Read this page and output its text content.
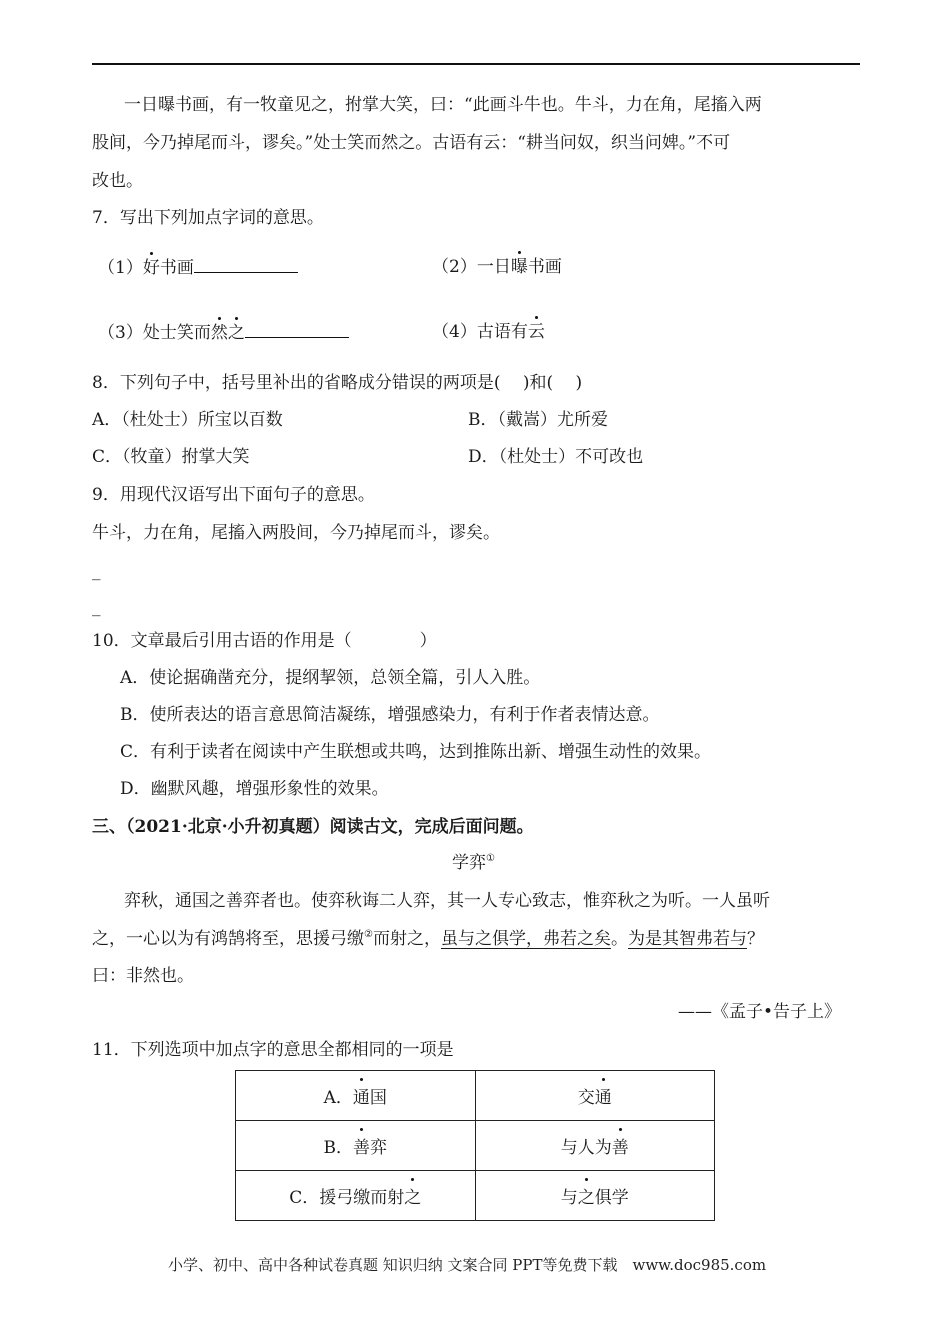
一日曝书画，有一牧童见之，拊掌大笑，曰：“此画斗牛也。牛斗，力在角，尾搐入两
股间，今乃掉尾而斗，谬矣。”处士笑而然之。古语有云：“耕当问奴，织当问婢。”不可
改也。
7．写出下列加点字词的意思。
（1）好书画	（2）一日曝书画
（3）处士笑而然之	（4）古语有云
8．下列句子中，括号里补出的省略成分错误的两项是(　 )和(　 )
A．（杜处士）所宝以百数	B．（戴嵩）尤所爱
C．（牧童）拊掌大笑	D．（杜处士）不可改也
9．用现代汉语写出下面句子的意思。
牛斗，力在角，尾搐入两股间，今乃掉尾而斗，谬矣。
_
_
10．文章最后引用古语的作用是（　　　　）
A．使论据确凿充分，提纲挈领，总领全篇，引人入胜。
B．使所表达的语言意思简洁凝练，增强感染力，有利于作者表情达意。
C．有利于读者在阅读中产生联想或共鸣，达到推陈出新、增强生动性的效果。
D．幽默风趣，增强形象性的效果。
三、（2021·北京·小升初真题）阅读古文，完成后面问题。
学弈①
弈秋，通国之善弈者也。使弈秋诲二人弈，其一人专心致志，惟弈秋之为听。一人虽听
之，一心以为有鸿鹄将至，思援弓缴②而射之，虽与之俱学，弗若之矣。为是其智弗若与？
曰：非然也。
——《孟子•告子上》
11．下列选项中加点字的意思全都相同的一项是
A．通国	交通
B．善弈	与人为善
C．援弓缴而射之	与之俱学
小学、初中、高中各种试卷真题 知识归纳 文案合同 PPT等免费下载　www.doc985.com
